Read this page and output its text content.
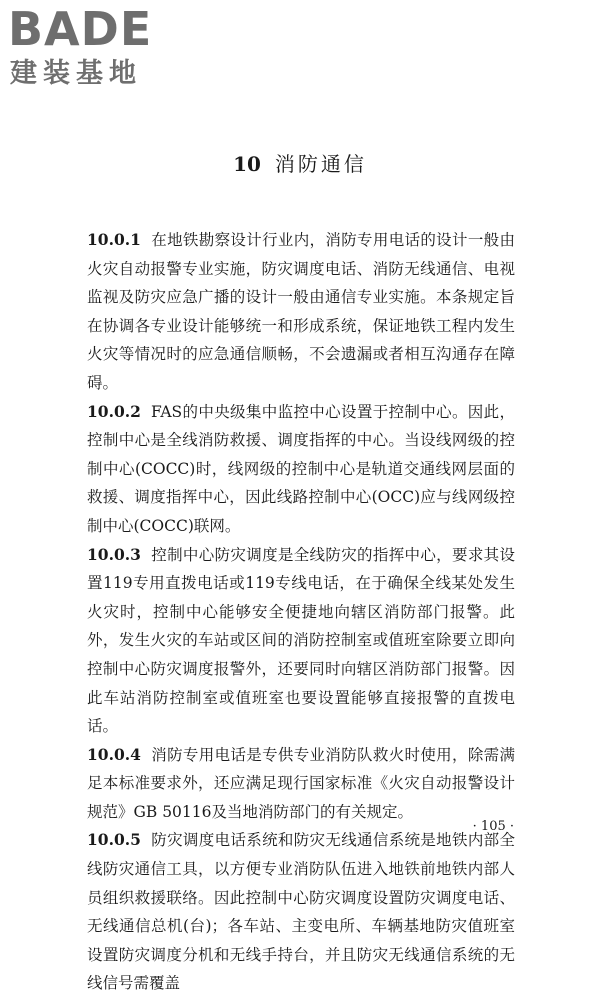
BADE
建装基地
10 消防通信

10.0.1 在地铁勘察设计行业内，消防专用电话的设计一般由火灾自动报警专业实施，防灾调度电话、消防无线通信、电视监视及防灾应急广播的设计一般由通信专业实施。本条规定旨在协调各专业设计能够统一和形成系统，保证地铁工程内发生火灾等情况时的应急通信顺畅，不会遗漏或者相互沟通存在障碍。

10.0.2 FAS的中央级集中监控中心设置于控制中心。因此，控制中心是全线消防救援、调度指挥的中心。当设线网级的控制中心(COCC)时，线网级的控制中心是轨道交通线网层面的救援、调度指挥中心，因此线路控制中心(OCC)应与线网级控制中心(COCC)联网。

10.0.3 控制中心防灾调度是全线防灾的指挥中心，要求其设置119专用直拨电话或119专线电话，在于确保全线某处发生火灾时，控制中心能够安全便捷地向辖区消防部门报警。此外，发生火灾的车站或区间的消防控制室或值班室除要立即向控制中心防灾调度报警外，还要同时向辖区消防部门报警。因此车站消防控制室或值班室也要设置能够直接报警的直拨电话。

10.0.4 消防专用电话是专供专业消防队救火时使用，除需满足本标准要求外，还应满足现行国家标准《火灾自动报警设计规范》GB 50116及当地消防部门的有关规定。

10.0.5 防灾调度电话系统和防灾无线通信系统是地铁内部全线防灾通信工具，以方便专业消防队伍进入地铁前地铁内部人员组织救援联络。因此控制中心防灾调度设置防灾调度电话、无线通信总机(台)；各车站、主变电所、车辆基地防灾值班室设置防灾调度分机和无线手持台，并且防灾无线通信系统的无线信号需覆盖

· 105 ·
